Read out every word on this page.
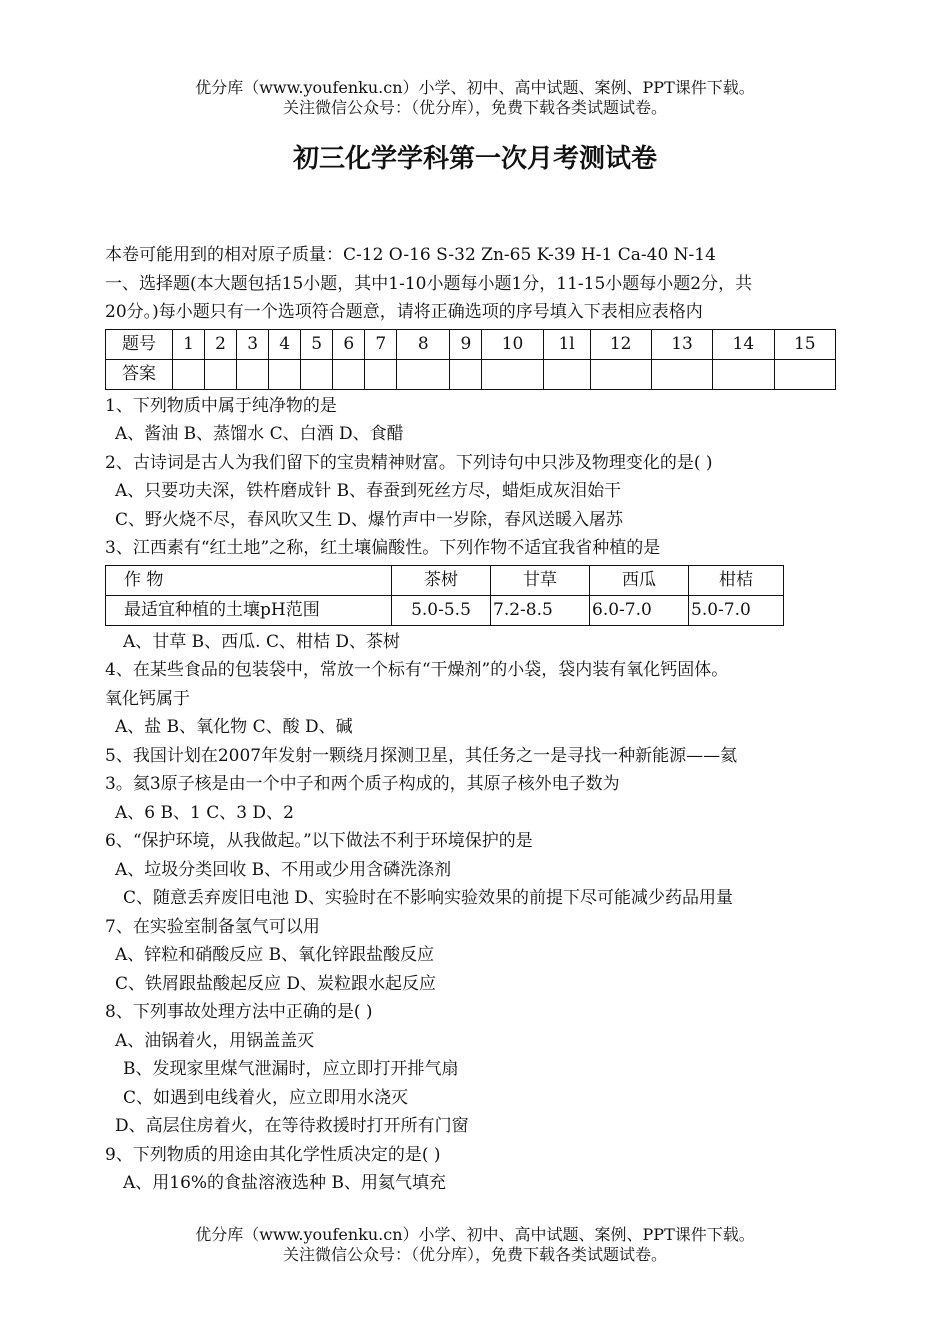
优分库（www.youfenku.cn）小学、初中、高中试题、案例、PPT课件下载。
关注微信公众号：（优分库），免费下载各类试题试卷。
初三化学学科第一次月考测试卷
本卷可能用到的相对原子质量：C-12 O-16 S-32 Zn-65 K-39 H-1 Ca-40 N-14
一、选择题(本大题包括15小题，其中1-10小题每小题1分，11-15小题每小题2分，共
20分。)每小题只有一个选项符合题意，请将正确选项的序号填入下表相应表格内
题号	1	2	3	4	5	6	7	8	9	10	1l	12	13	14	15
答案															
1、下列物质中属于纯净物的是
A、酱油 B、蒸馏水 C、白酒 D、食醋
2、古诗词是古人为我们留下的宝贵精神财富。下列诗句中只涉及物理变化的是( )
A、只要功夫深，铁杵磨成针 B、春蚕到死丝方尽，蜡炬成灰泪始干
C、野火烧不尽，春风吹又生 D、爆竹声中一岁除，春风送暖入屠苏
3、江西素有“红土地”之称，红土壤偏酸性。下列作物不适宜我省种植的是
作 物	茶树	甘草	西瓜	柑桔
最适宜种植的土壤pH范围	5.0-5.5	7.2-8.5	6.0-7.0	5.0-7.0
A、甘草 B、西瓜. C、柑桔 D、茶树
4、在某些食品的包装袋中，常放一个标有“干燥剂”的小袋，袋内装有氧化钙固体。
氧化钙属于
A、盐 B、氧化物 C、酸 D、碱
5、我国计划在2007年发射一颗绕月探测卫星，其任务之一是寻找一种新能源——氦
3。氦3原子核是由一个中子和两个质子构成的，其原子核外电子数为
A、6 B、1 C、3 D、2
6、“保护环境，从我做起。”以下做法不利于环境保护的是
A、垃圾分类回收 B、不用或少用含磷洗涤剂
C、随意丢弃废旧电池 D、实验时在不影响实验效果的前提下尽可能减少药品用量
7、在实验室制备氢气可以用
A、锌粒和硝酸反应 B、氧化锌跟盐酸反应
C、铁屑跟盐酸起反应 D、炭粒跟水起反应
8、下列事故处理方法中正确的是( )
A、油锅着火，用锅盖盖灭
B、发现家里煤气泄漏时，应立即打开排气扇
C、如遇到电线着火，应立即用水浇灭
D、高层住房着火，在等待救援时打开所有门窗
9、下列物质的用途由其化学性质决定的是( )
A、用16%的食盐溶液选种 B、用氦气填充
优分库（www.youfenku.cn）小学、初中、高中试题、案例、PPT课件下载。
关注微信公众号：（优分库），免费下载各类试题试卷。
